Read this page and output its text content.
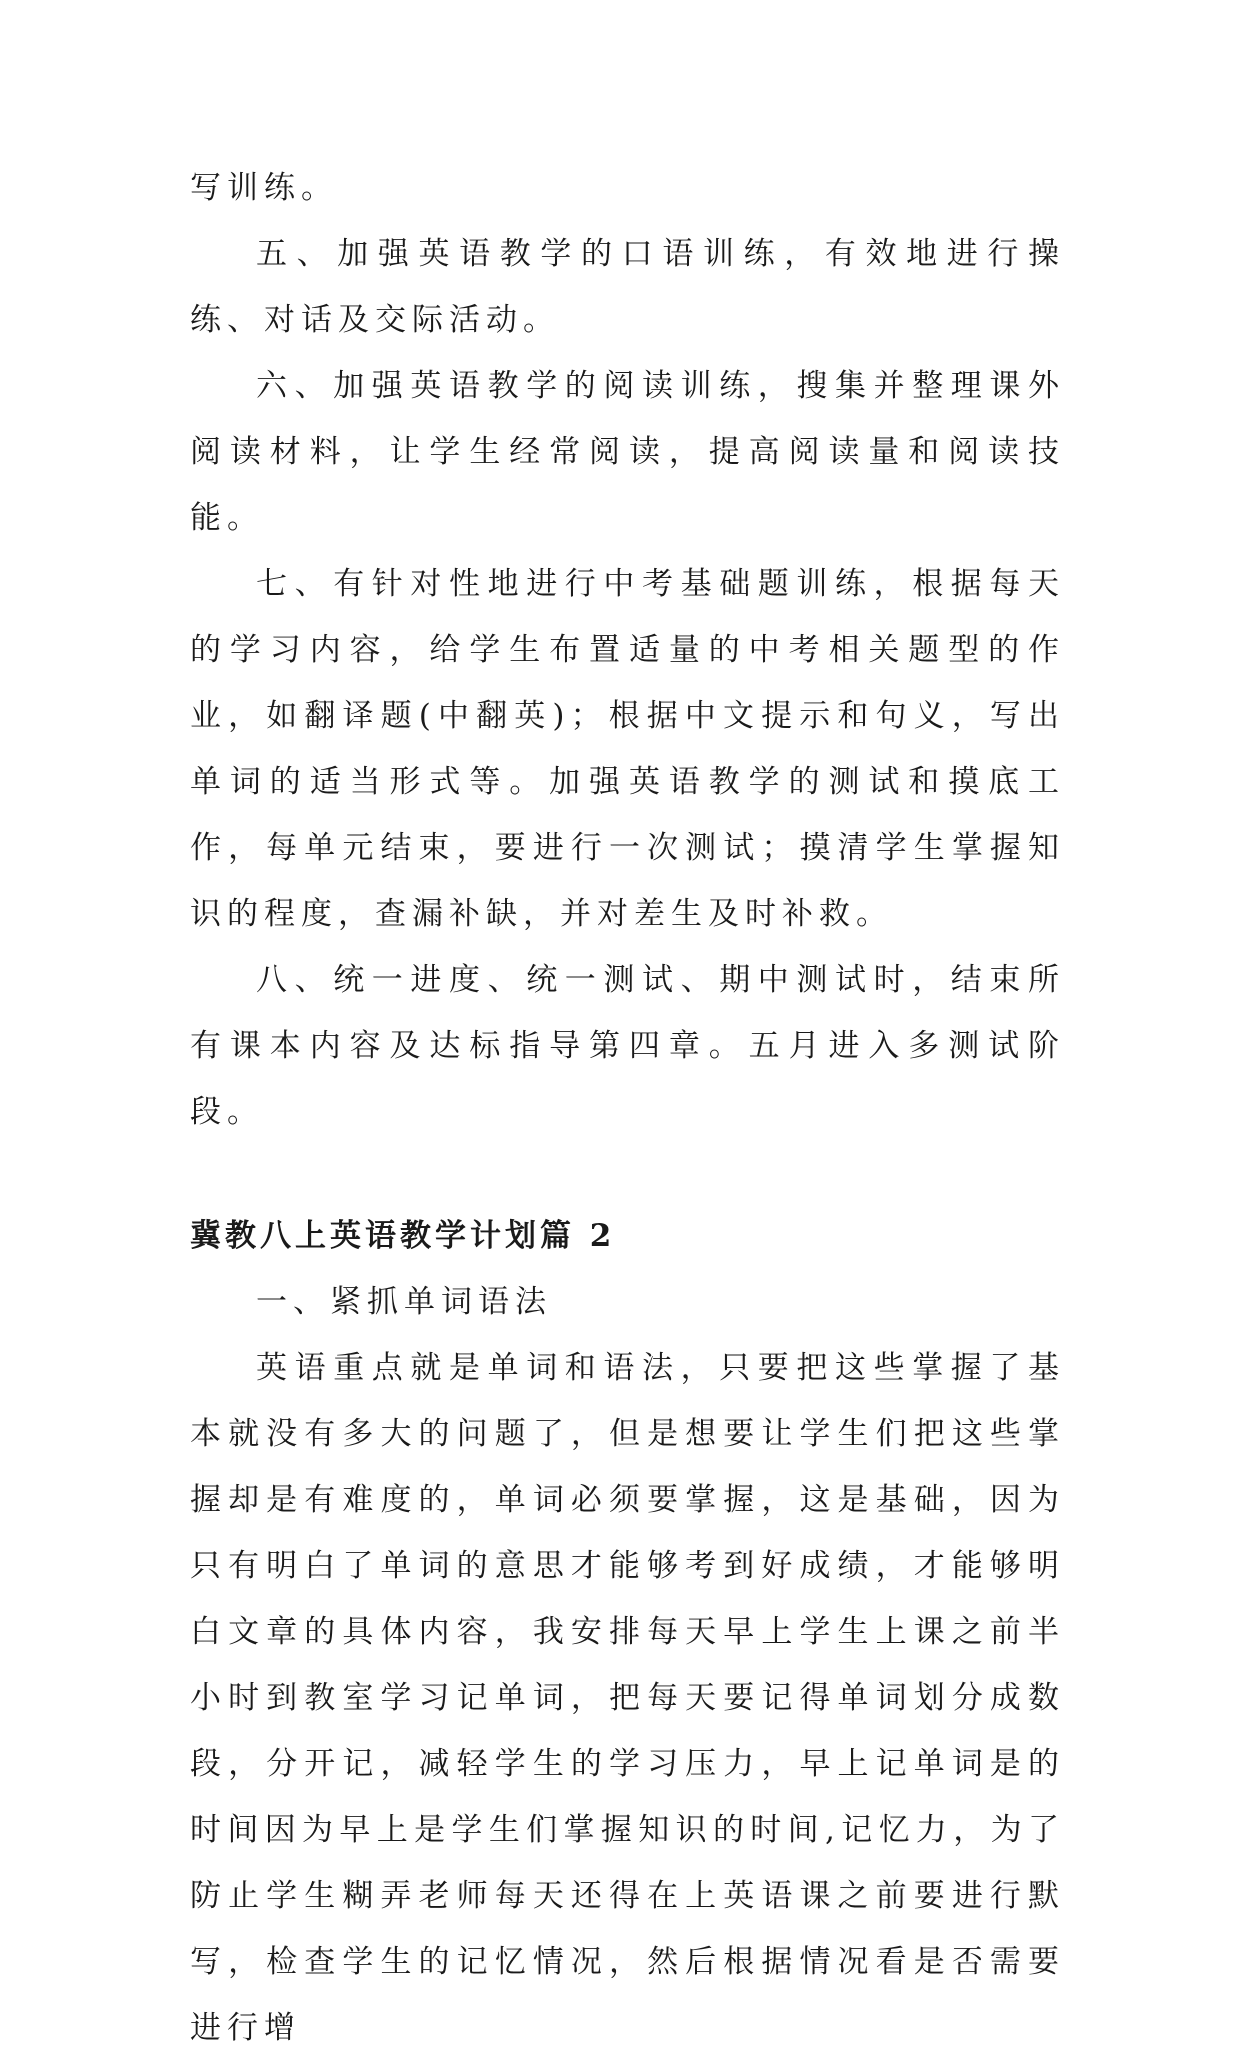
写训练。

五、加强英语教学的口语训练，有效地进行操练、对话及交际活动。

六、加强英语教学的阅读训练，搜集并整理课外阅读材料，让学生经常阅读，提高阅读量和阅读技能。

七、有针对性地进行中考基础题训练，根据每天的学习内容，给学生布置适量的中考相关题型的作业，如翻译题(中翻英)；根据中文提示和句义，写出单词的适当形式等。加强英语教学的测试和摸底工作，每单元结束，要进行一次测试；摸清学生掌握知识的程度，查漏补缺，并对差生及时补救。

八、统一进度、统一测试、期中测试时，结束所有课本内容及达标指导第四章。五月进入多测试阶段。

冀教八上英语教学计划篇 2

一、紧抓单词语法

英语重点就是单词和语法，只要把这些掌握了基本就没有多大的问题了，但是想要让学生们把这些掌握却是有难度的，单词必须要掌握，这是基础，因为只有明白了单词的意思才能够考到好成绩，才能够明白文章的具体内容，我安排每天早上学生上课之前半小时到教室学习记单词，把每天要记得单词划分成数段，分开记，减轻学生的学习压力，早上记单词是的时间因为早上是学生们掌握知识的时间,记忆力，为了防止学生糊弄老师每天还得在上英语课之前要进行默写，检查学生的记忆情况，然后根据情况看是否需要进行增
